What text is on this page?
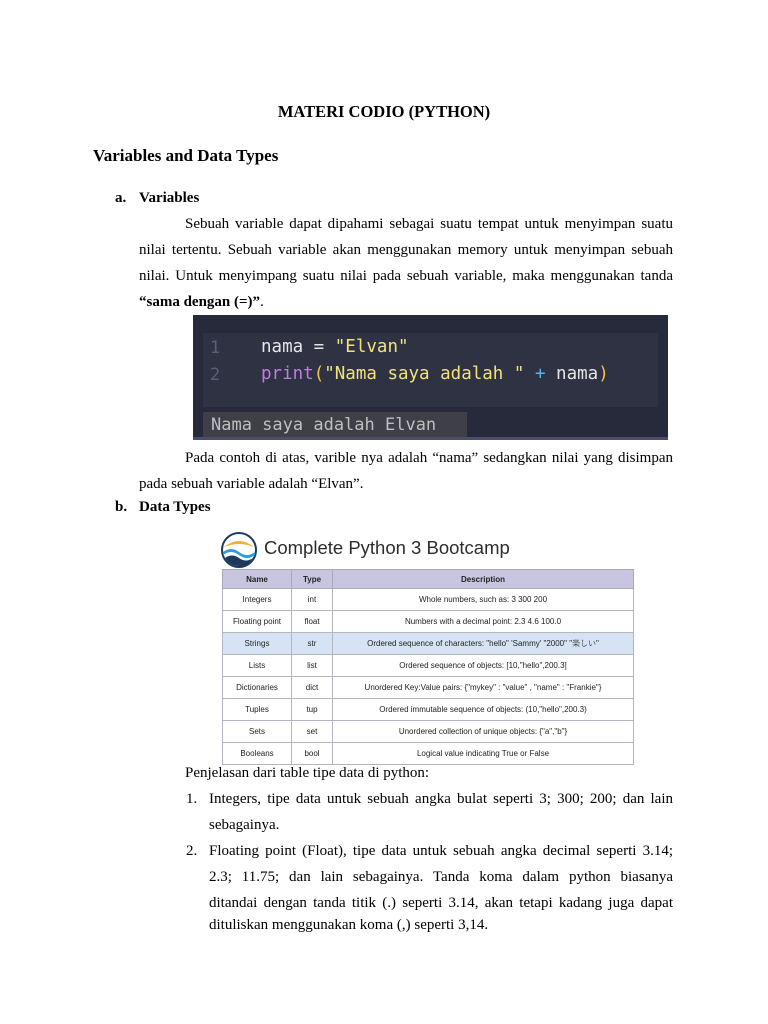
MATERI CODIO (PYTHON)
Variables and Data Types
a. Variables
Sebuah variable dapat dipahami sebagai suatu tempat untuk menyimpan suatu
nilai tertentu. Sebuah variable akan menggunakan memory untuk menyimpan sebuah
nilai. Untuk menyimpang suatu nilai pada sebuah variable, maka menggunakan tanda
“sama dengan (=)”.
1
2
nama = "Elvan"
print("Nama saya adalah " + nama)
Nama saya adalah Elvan
Pada contoh di atas, varible nya adalah “nama” sedangkan nilai yang disimpan
pada sebuah variable adalah “Elvan”.
b. Data Types
Complete Python 3 Bootcamp
Name	Type	Description
Integers	int	Whole numbers, such as: 3 300 200
Floating point	float	Numbers with a decimal point: 2.3 4.6 100.0
Strings	str	Ordered sequence of characters: "hello" 'Sammy' "2000" "楽しい"
Lists	list	Ordered sequence of objects: [10,"hello",200.3]
Dictionaries	dict	Unordered Key:Value pairs: {"mykey" : "value" , "name" : "Frankie"}
Tuples	tup	Ordered immutable sequence of objects: (10,"hello",200.3)
Sets	set	Unordered collection of unique objects: {"a","b"}
Booleans	bool	Logical value indicating True or False
Penjelasan dari table tipe data di python:
1. Integers, tipe data untuk sebuah angka bulat seperti 3; 300; 200; dan lain
sebagainya.
2. Floating point (Float), tipe data untuk sebuah angka decimal seperti 3.14;
2.3; 11.75; dan lain sebagainya. Tanda koma dalam python biasanya
ditandai dengan tanda titik (.) seperti 3.14, akan tetapi kadang juga dapat
dituliskan menggunakan koma (,) seperti 3,14.
